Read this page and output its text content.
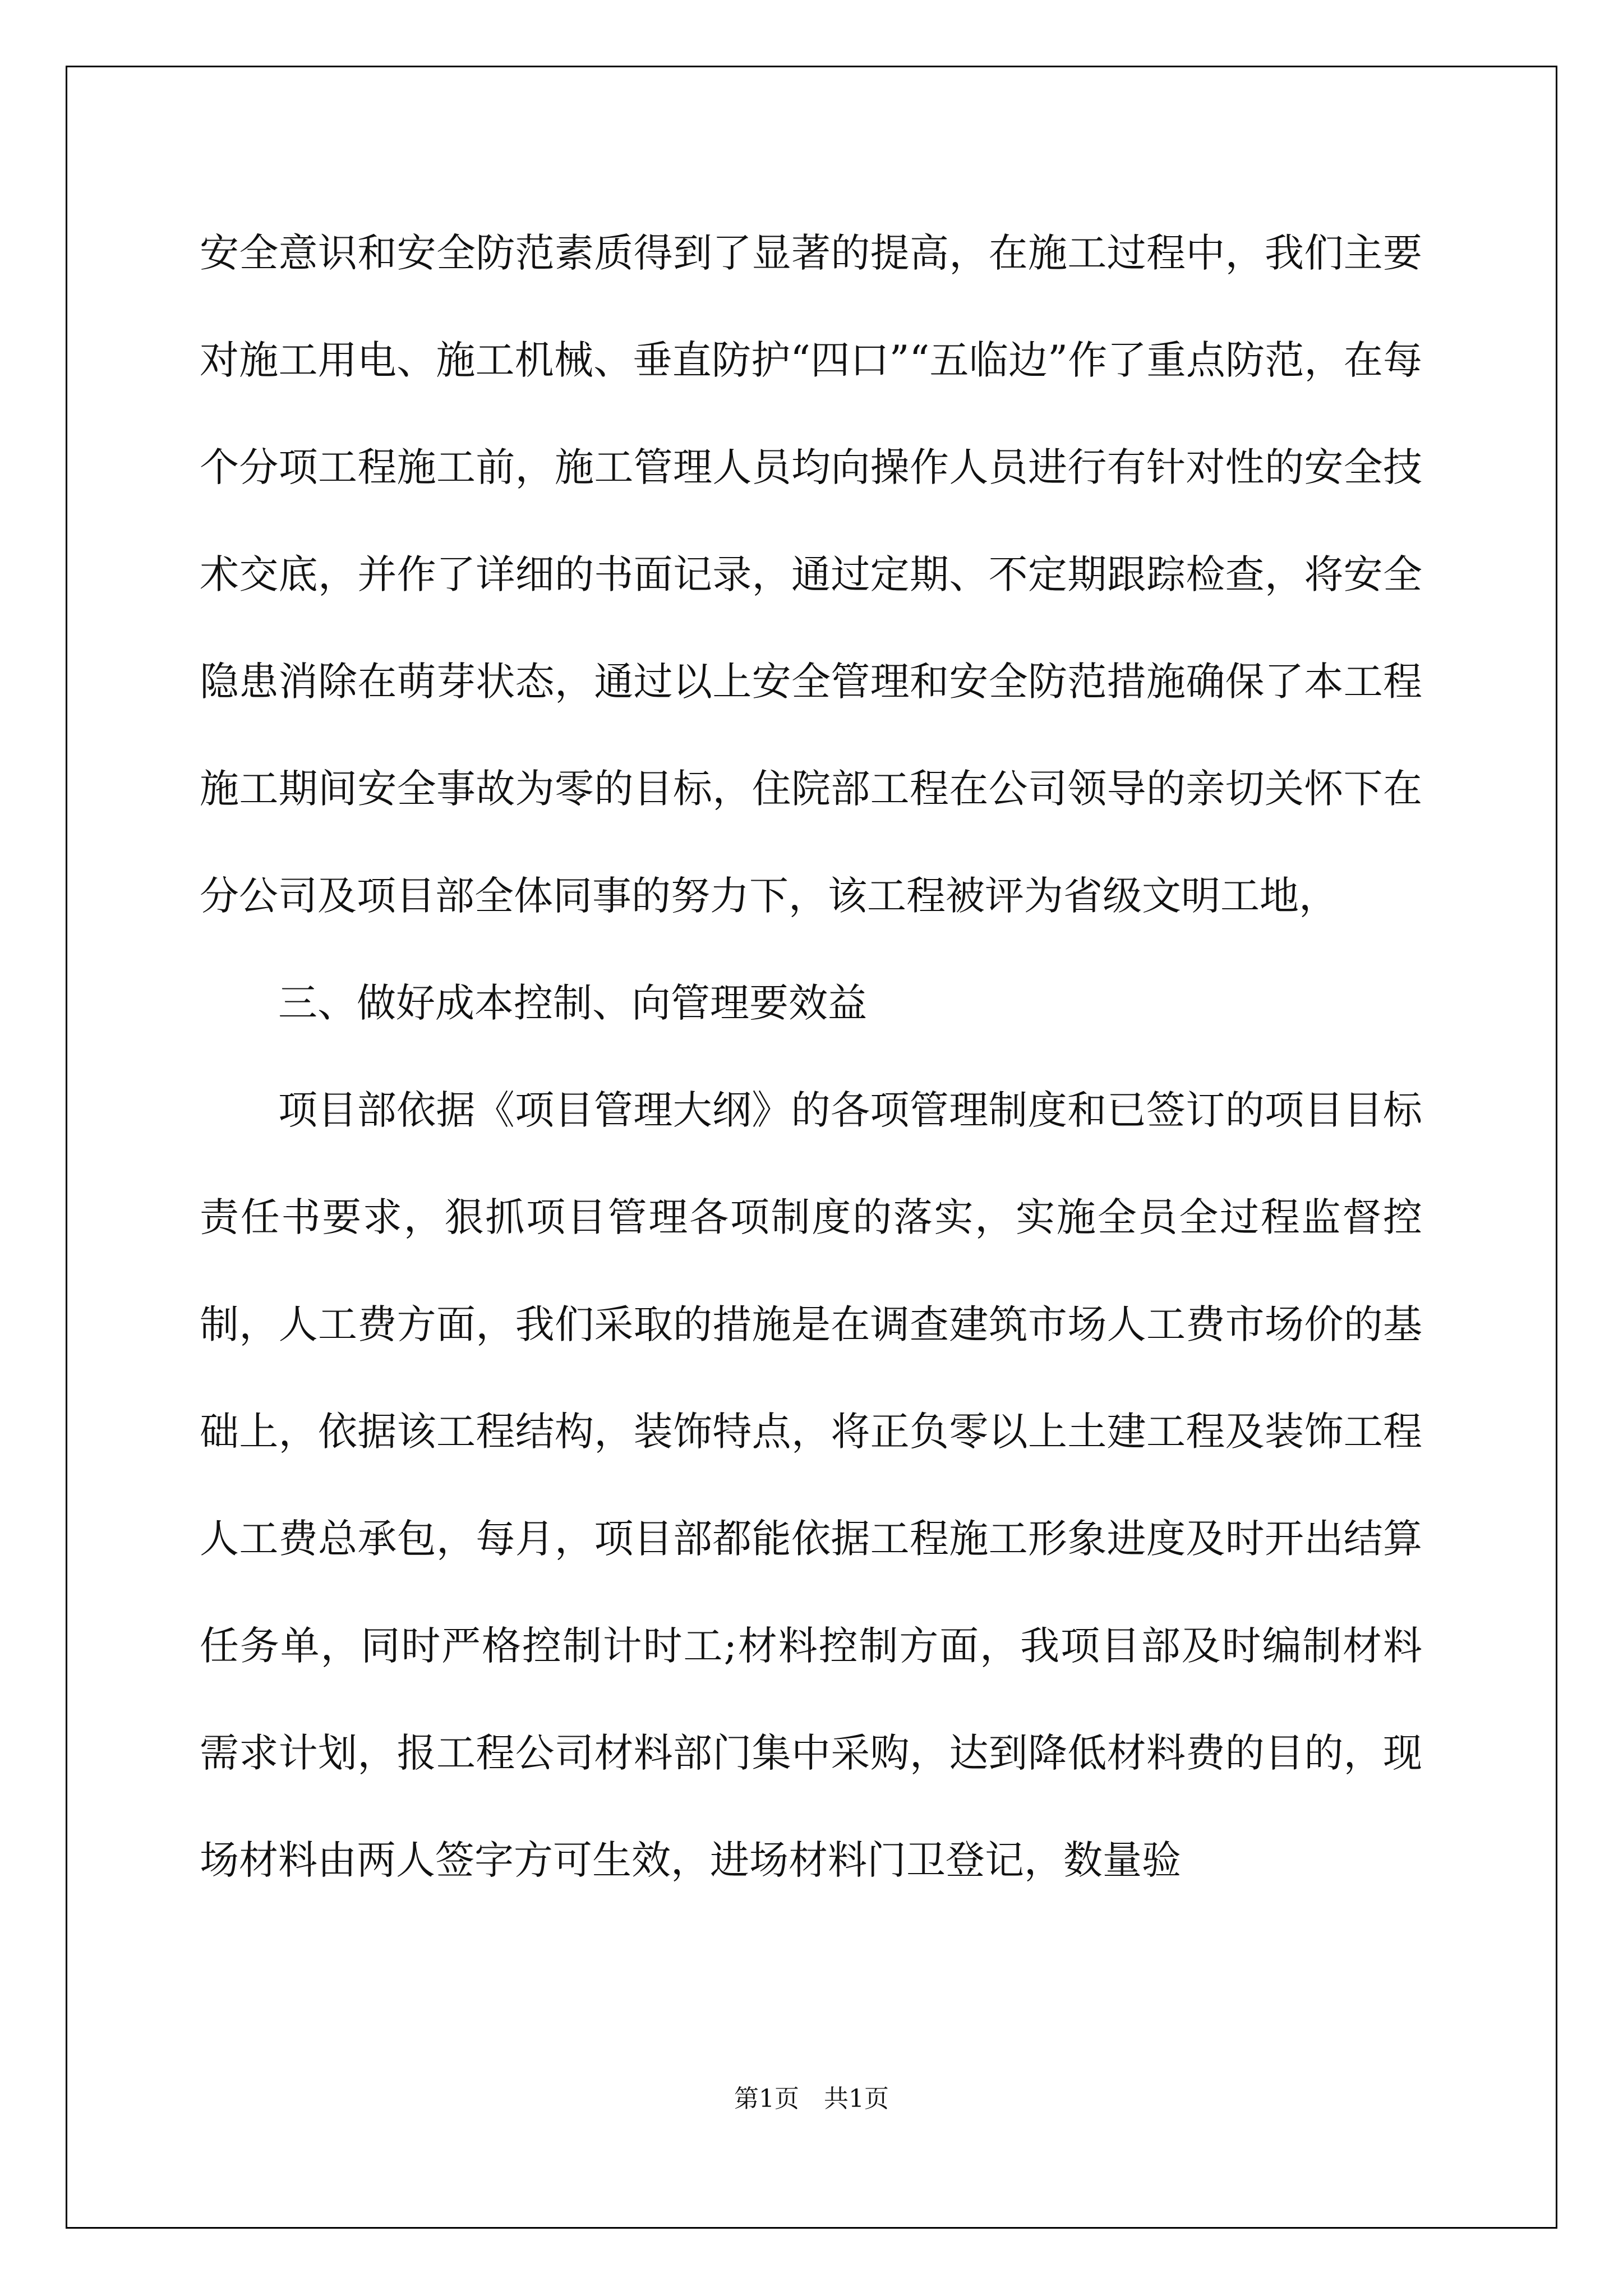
安全意识和安全防范素质得到了显著的提高，在施工过程中，我们主要对施工用电、施工机械、垂直防护“四口”“五临边”作了重点防范，在每个分项工程施工前，施工管理人员均向操作人员进行有针对性的安全技术交底，并作了详细的书面记录，通过定期、不定期跟踪检查，将安全隐患消除在萌芽状态，通过以上安全管理和安全防范措施确保了本工程施工期间安全事故为零的目标，住院部工程在公司领导的亲切关怀下在分公司及项目部全体同事的努力下，该工程被评为省级文明工地，

三、做好成本控制、向管理要效益

项目部依据《项目管理大纲》的各项管理制度和已签订的项目目标责任书要求，狠抓项目管理各项制度的落实，实施全员全过程监督控制，人工费方面，我们采取的措施是在调查建筑市场人工费市场价的基础上，依据该工程结构，装饰特点，将正负零以上土建工程及装饰工程人工费总承包，每月，项目部都能依据工程施工形象进度及时开出结算任务单，同时严格控制计时工;材料控制方面，我项目部及时编制材料需求计划，报工程公司材料部门集中采购，达到降低材料费的目的，现场材料由两人签字方可生效，进场材料门卫登记，数量验

第1页　共1页
